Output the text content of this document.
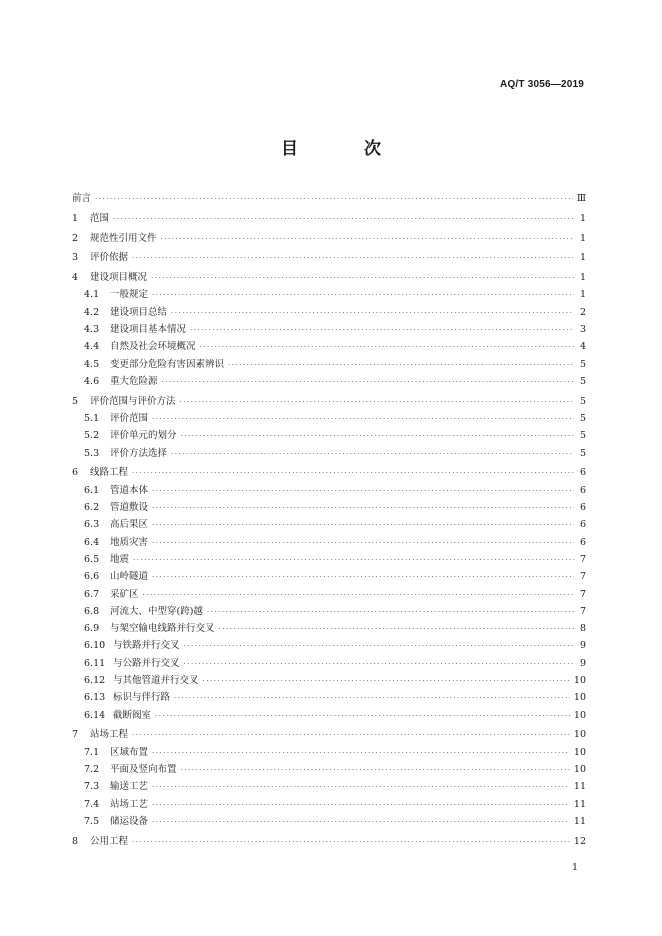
AQ/T 3056—2019
目 次
前言 ·····	Ⅲ
1	范围 ·····	1
2	规范性引用文件 ·····	1
3	评价依据 ·····	1
4	建设项目概况 ·····	1
4.1	一般规定 ·····	1
4.2	建设项目总结 ·····	2
4.3	建设项目基本情况 ·····	3
4.4	自然及社会环境概况 ·····	4
4.5	变更部分危险有害因素辨识 ·····	5
4.6	重大危险源 ·····	5
5	评价范围与评价方法 ·····	5
5.1	评价范围 ·····	5
5.2	评价单元的划分 ·····	5
5.3	评价方法选择 ·····	5
6	线路工程 ·····	6
6.1	管道本体 ·····	6
6.2	管道敷设 ·····	6
6.3	高后果区 ·····	6
6.4	地质灾害 ·····	6
6.5	地震 ·····	7
6.6	山岭隧道 ·····	7
6.7	采矿区 ·····	7
6.8	河流大、中型穿(跨)越 ·····	7
6.9	与架空输电线路并行交叉 ·····	8
6.10 与铁路并行交叉 ·····	9
6.11 与公路并行交叉 ·····	9
6.12 与其他管道并行交叉 ·····	10
6.13 标识与伴行路 ·····	10
6.14 截断阀室 ·····	10
7	站场工程 ·····	10
7.1	区域布置 ·····	10
7.2	平面及竖向布置 ·····	10
7.3	输送工艺 ·····	11
7.4	站场工艺 ·····	11
7.5	储运设备 ·····	11
8	公用工程 ·····	12
1
